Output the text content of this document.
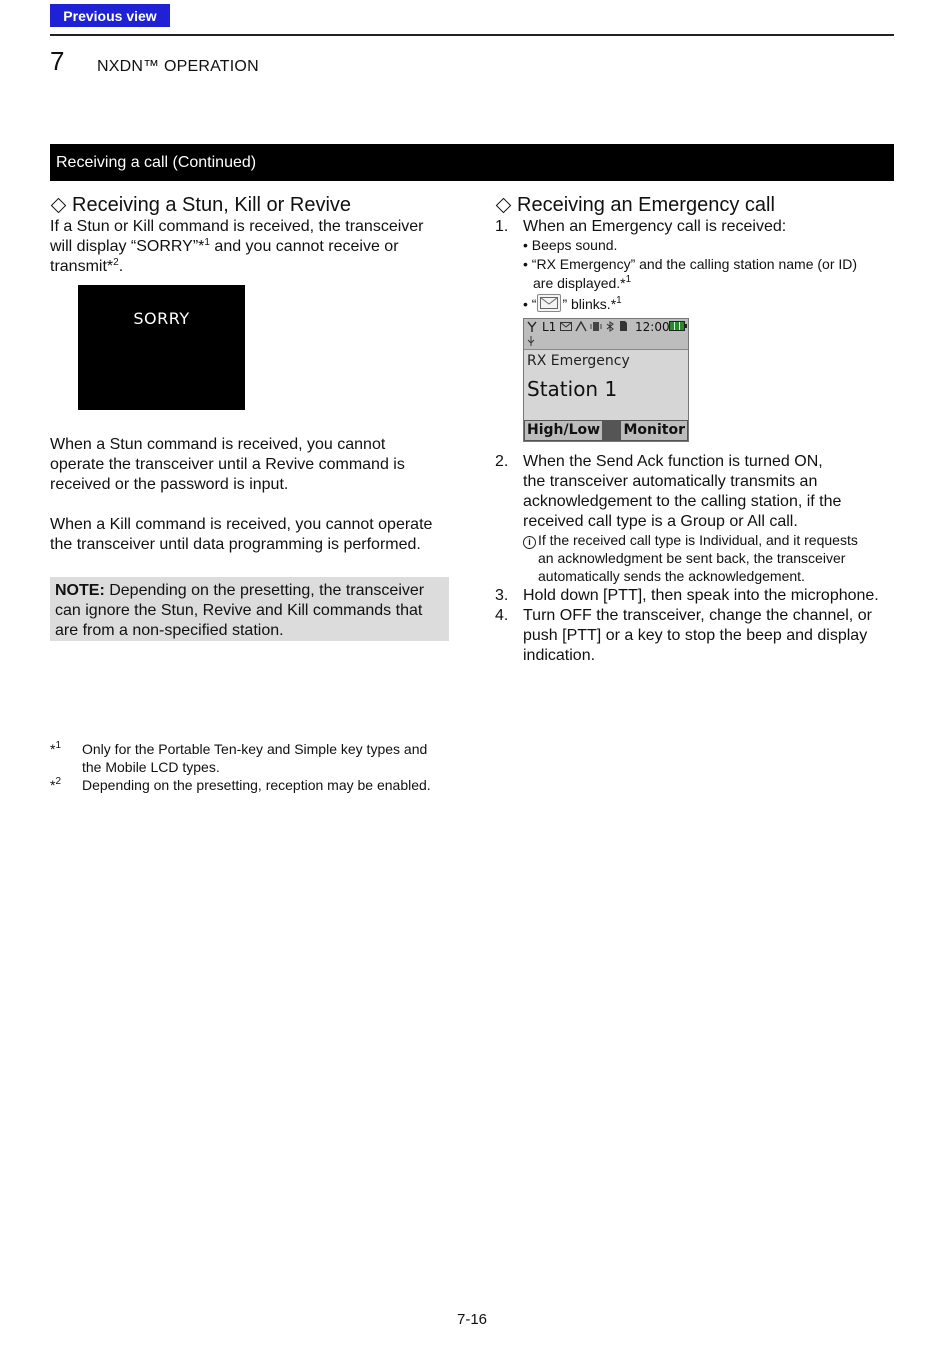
Previous view
7 NXDN™ OPERATION
Receiving a call (Continued)
Receiving a Stun, Kill or Revive

If a Stun or Kill command is received, the transceiver

will display “SORRY”*$^1$ and you cannot receive or

transmit*$^2$.

SORRY

When a Stun command is received, you cannot

operate the transceiver until a Revive command is

received or the password is input.

When a Kill command is received, you cannot operate

the transceiver until data programming is performed.

NOTE: Depending on the presetting, the transceiver

can ignore the Stun, Revive and Kill commands that

are from a non-specified station.

Receiving an Emergency call
1. When an Emergency call is received:
• Beeps sound.
• “RX Emergency” and the calling station name (or ID)
are displayed.*$^1$
• “ ” blinks.*$^1$
L1	12:00
RX Emergency
Station 1
High/Low Monitor
2. When the Send Ack function is turned ON,
the transceiver automatically transmits an
acknowledgement to the calling station, if the
received call type is a Group or All call.
i If the received call type is Individual, and it requests
an acknowledgment be sent back, the transceiver
automatically sends the acknowledgement.
3. Hold down [PTT], then speak into the microphone.
4. Turn OFF the transceiver, change the channel, or
push [PTT] or a key to stop the beep and display
indication.
*$^1$	Only for the Portable Ten-key and Simple key types and
the Mobile LCD types.
*$^2$	Depending on the presetting, reception may be enabled.
7-16
